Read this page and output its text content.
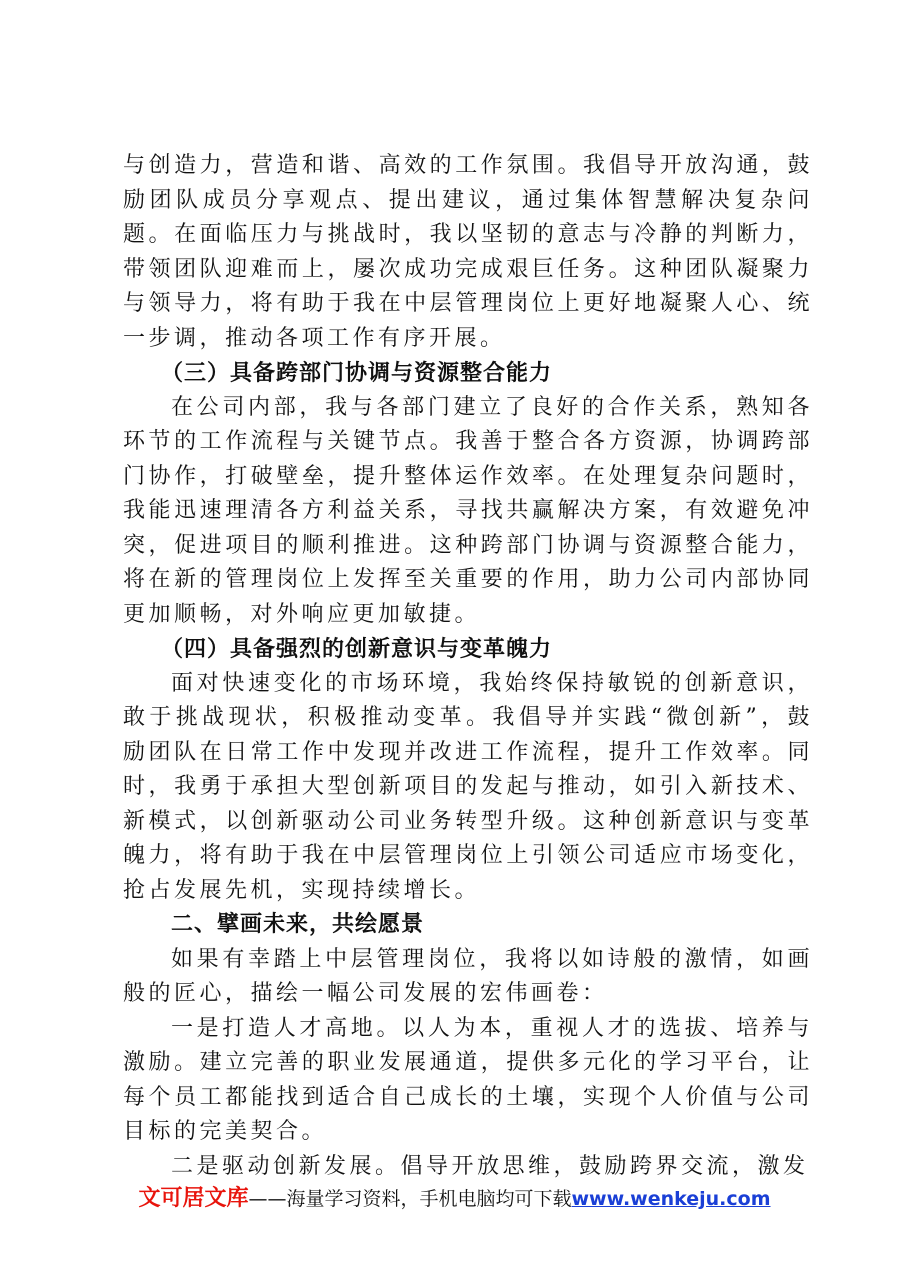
与创造力，营造和谐、高效的工作氛围。我倡导开放沟通，鼓励团队成员分享观点、提出建议，通过集体智慧解决复杂问题。在面临压力与挑战时，我以坚韧的意志与冷静的判断力，带领团队迎难而上，屡次成功完成艰巨任务。这种团队凝聚力与领导力，将有助于我在中层管理岗位上更好地凝聚人心、统一步调，推动各项工作有序开展。

（三）具备跨部门协调与资源整合能力

在公司内部，我与各部门建立了良好的合作关系，熟知各环节的工作流程与关键节点。我善于整合各方资源，协调跨部门协作，打破壁垒，提升整体运作效率。在处理复杂问题时，我能迅速理清各方利益关系，寻找共赢解决方案，有效避免冲突，促进项目的顺利推进。这种跨部门协调与资源整合能力，将在新的管理岗位上发挥至关重要的作用，助力公司内部协同更加顺畅，对外响应更加敏捷。

（四）具备强烈的创新意识与变革魄力

面对快速变化的市场环境，我始终保持敏锐的创新意识，敢于挑战现状，积极推动变革。我倡导并实践“微创新”，鼓励团队在日常工作中发现并改进工作流程，提升工作效率。同时，我勇于承担大型创新项目的发起与推动，如引入新技术、新模式，以创新驱动公司业务转型升级。这种创新意识与变革魄力，将有助于我在中层管理岗位上引领公司适应市场变化，抢占发展先机，实现持续增长。

二、擘画未来，共绘愿景

如果有幸踏上中层管理岗位，我将以如诗般的激情，如画般的匠心，描绘一幅公司发展的宏伟画卷：

一是打造人才高地。以人为本，重视人才的选拔、培养与激励。建立完善的职业发展通道，提供多元化的学习平台，让每个员工都能找到适合自己成长的土壤，实现个人价值与公司目标的完美契合。

二是驱动创新发展。倡导开放思维，鼓励跨界交流，激发

文可居文库——海量学习资料，手机电脑均可下载www.wenkeju.com
